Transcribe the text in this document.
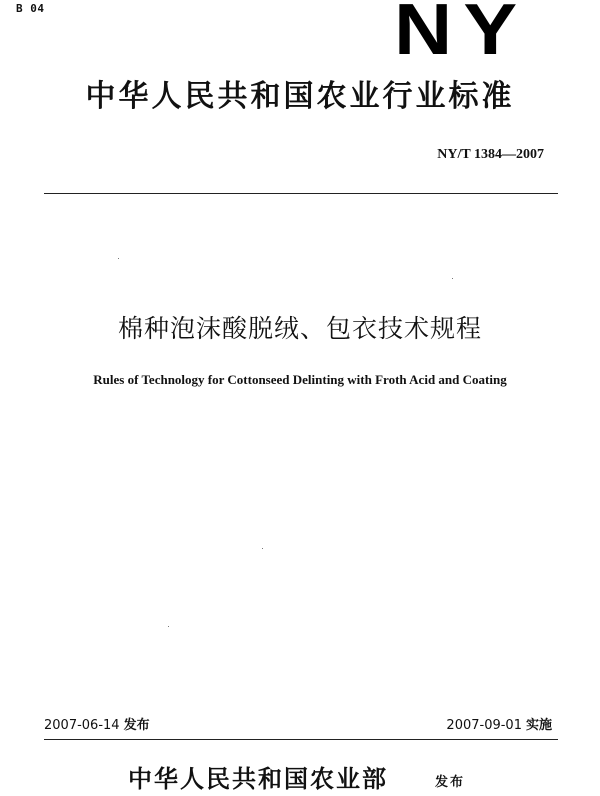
B 04	NY
中华人民共和国农业行业标准
NY/T 1384—2007
棉种泡沫酸脱绒、包衣技术规程
Rules of Technology for Cottonseed Delinting with Froth Acid and Coating
2007-06-14 发布	2007-09-01 实施
中华人民共和国农业部	发布
